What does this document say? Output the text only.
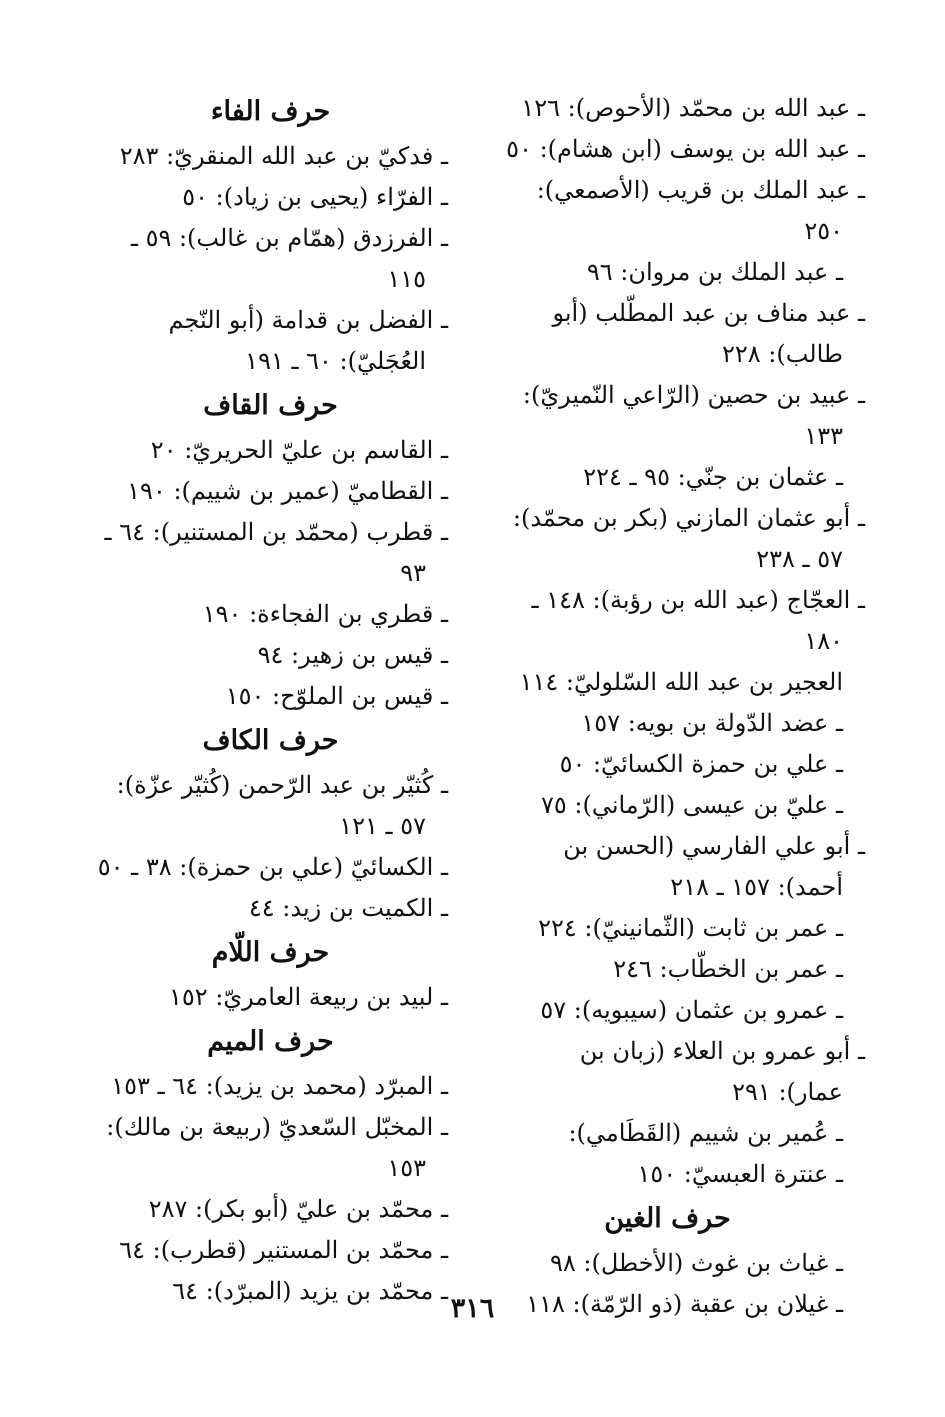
ـ عبد الله بن محمّد (الأحوص): ١٢٦

ـ عبد الله بن يوسف (ابن هشام): ٥٠

ـ عبد الملك بن قريب (الأصمعي):

٢٥٠

ـ عبد الملك بن مروان: ٩٦

ـ عبد مناف بن عبد المطّلب (أبو

طالب): ٢٢٨

ـ عبيد بن حصين (الرّاعي النّميريّ):

١٣٣

ـ عثمان بن جنّي: ٩٥ ـ ٢٢٤

ـ أبو عثمان المازني (بكر بن محمّد):

٥٧ ـ ٢٣٨

ـ العجّاج (عبد الله بن رؤبة): ١٤٨ ـ

١٨٠

العجير بن عبد الله السّلوليّ: ١١٤

ـ عضد الدّولة بن بويه: ١٥٧

ـ علي بن حمزة الكسائيّ: ٥٠

ـ عليّ بن عيسى (الرّماني): ٧٥

ـ أبو علي الفارسي (الحسن بن

أحمد): ١٥٧ ـ ٢١٨

ـ عمر بن ثابت (الثّمانينيّ): ٢٢٤

ـ عمر بن الخطّاب: ٢٤٦

ـ عمرو بن عثمان (سيبويه): ٥٧

ـ أبو عمرو بن العلاء (زبان بن

عمار): ٢٩١

ـ عُمير بن شييم (القَطَامي):

ـ عنترة العبسيّ: ١٥٠

حرف الغين

ـ غياث بن غوث (الأخطل): ٩٨

ـ غيلان بن عقبة (ذو الرّمّة): ١١٨

حرف الفاء

ـ فدكيّ بن عبد الله المنقريّ: ٢٨٣

ـ الفرّاء (يحيى بن زياد): ٥٠

ـ الفرزدق (همّام بن غالب): ٥٩ ـ

١١٥

ـ الفضل بن قدامة (أبو النّجم

العُجَليّ): ٦٠ ـ ١٩١

حرف القاف

ـ القاسم بن عليّ الحريريّ: ٢٠

ـ القطاميّ (عمير بن شييم): ١٩٠

ـ قطرب (محمّد بن المستنير): ٦٤ ـ

٩٣

ـ قطري بن الفجاءة: ١٩٠

ـ قيس بن زهير: ٩٤

ـ قيس بن الملوّح: ١٥٠

حرف الكاف

ـ كُثيّر بن عبد الرّحمن (كُثيّر عزّة):

٥٧ ـ ١٢١

ـ الكسائيّ (علي بن حمزة): ٣٨ ـ ٥٠

ـ الكميت بن زيد: ٤٤

حرف اللّام

ـ لبيد بن ربيعة العامريّ: ١٥٢

حرف الميم

ـ المبرّد (محمد بن يزيد): ٦٤ ـ ١٥٣

ـ المخبّل السّعديّ (ربيعة بن مالك):

١٥٣

ـ محمّد بن عليّ (أبو بكر): ٢٨٧

ـ محمّد بن المستنير (قطرب): ٦٤

ـ محمّد بن يزيد (المبرّد): ٦٤

٣١٦
